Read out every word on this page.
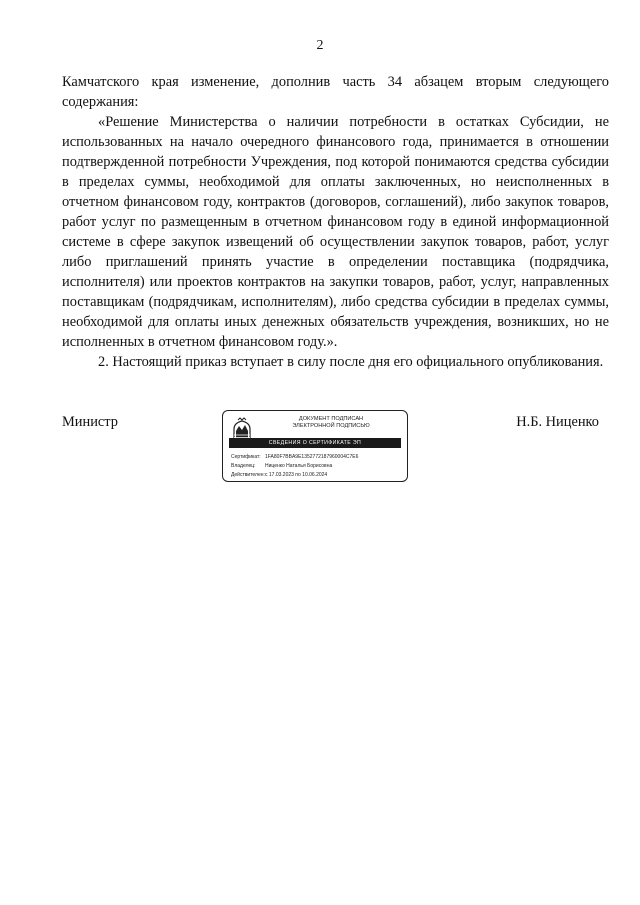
2

Камчатского края изменение, дополнив часть 34 абзацем вторым следующего содержания:

«Решение Министерства о наличии потребности в остатках Субсидии, не использованных на начало очередного финансового года, принимается в отношении подтвержденной потребности Учреждения, под которой понимаются средства субсидии в пределах суммы, необходимой для оплаты заключенных, но неисполненных в отчетном финансовом году, контрактов (договоров, соглашений), либо закупок товаров, работ услуг по размещенным в отчетном финансовом году в единой информационной системе в сфере закупок извещений об осуществлении закупок товаров, работ, услуг либо приглашений принять участие в определении поставщика (подрядчика, исполнителя) или проектов контрактов на закупки товаров, работ, услуг, направленных поставщикам (подрядчикам, исполнителям), либо средства субсидии в пределах суммы, необходимой для оплаты иных денежных обязательств учреждения, возникших, но не исполненных в отчетном финансовом году.».

2. Настоящий приказ вступает в силу после дня его официального опубликования.

Министр	ДОКУМЕНТ ПОДПИСАН
ЭЛЕКТРОННОЙ ПОДПИСЬЮ
СВЕДЕНИЯ О СЕРТИФИКАТЕ ЭП
Сертификат: 1FA80F7BBA9E1352772187960004C7E6
Владелец: Ниценко Наталья Борисовна
Действителен:с 17.03.2023 по 10.06.2024
Н.Б. Ниценко
